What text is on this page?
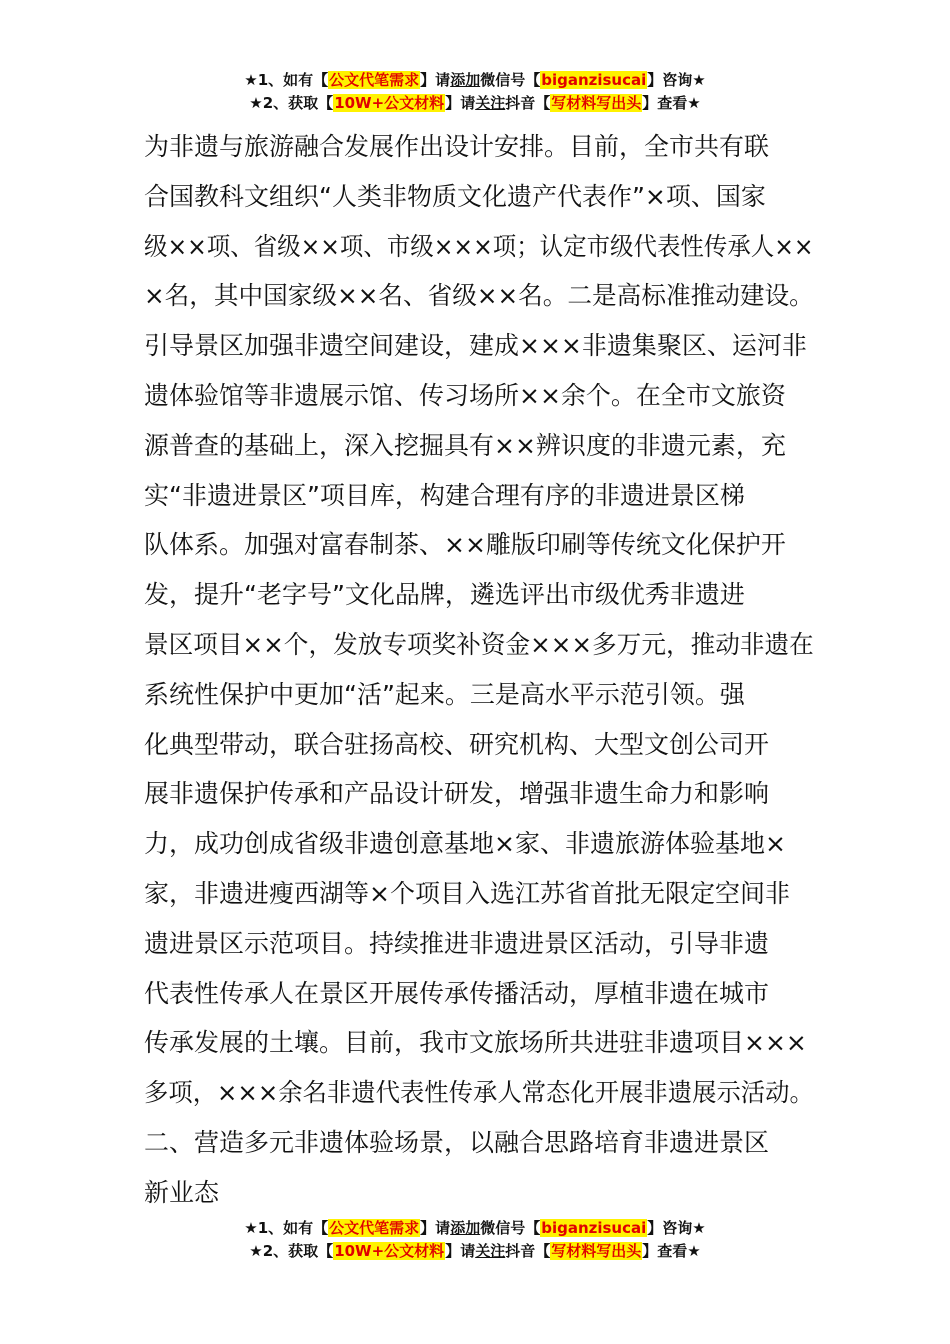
★1、如有【公文代笔需求】请添加微信号【biganzisucai】咨询★
★2、获取【10W+公文材料】请关注抖音【写材料写出头】查看★
为非遗与旅游融合发展作出设计安排。目前，全市共有联
合国教科文组织“人类非物质文化遗产代表作”×项、国家
级××项、省级××项、市级×××项；认定市级代表性传承人××
×名，其中国家级××名、省级××名。二是高标准推动建设。
引导景区加强非遗空间建设，建成×××非遗集聚区、运河非
遗体验馆等非遗展示馆、传习场所××余个。在全市文旅资
源普查的基础上，深入挖掘具有××辨识度的非遗元素，充
实“非遗进景区”项目库，构建合理有序的非遗进景区梯
队体系。加强对富春制茶、××雕版印刷等传统文化保护开
发，提升“老字号”文化品牌，遴选评出市级优秀非遗进
景区项目××个，发放专项奖补资金×××多万元，推动非遗在
系统性保护中更加“活”起来。三是高水平示范引领。强
化典型带动，联合驻扬高校、研究机构、大型文创公司开
展非遗保护传承和产品设计研发，增强非遗生命力和影响
力，成功创成省级非遗创意基地×家、非遗旅游体验基地×
家，非遗进瘦西湖等×个项目入选江苏省首批无限定空间非
遗进景区示范项目。持续推进非遗进景区活动，引导非遗
代表性传承人在景区开展传承传播活动，厚植非遗在城市
传承发展的土壤。目前，我市文旅场所共进驻非遗项目×××
多项，×××余名非遗代表性传承人常态化开展非遗展示活动。
二、营造多元非遗体验场景，以融合思路培育非遗进景区
新业态
★1、如有【公文代笔需求】请添加微信号【biganzisucai】咨询★
★2、获取【10W+公文材料】请关注抖音【写材料写出头】查看★
